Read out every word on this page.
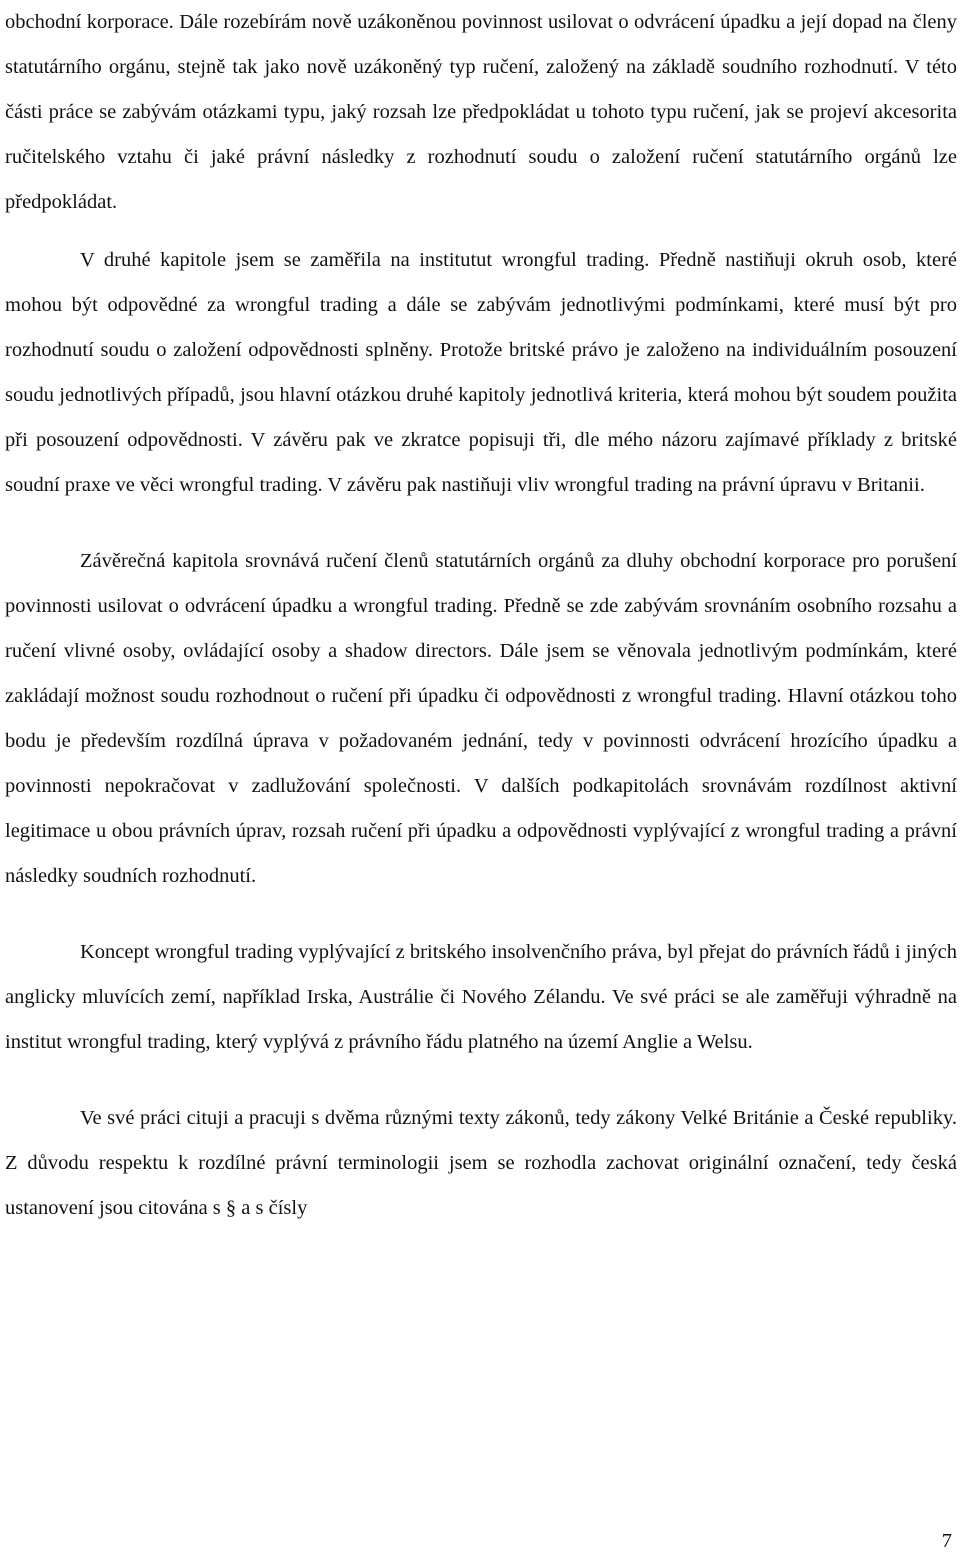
obchodní korporace. Dále rozebírám nově uzákoněnou povinnost usilovat o odvrácení úpadku a její dopad na členy statutárního orgánu, stejně tak jako nově uzákoněný typ ručení, založený na základě soudního rozhodnutí. V této části práce se zabývám otázkami typu, jaký rozsah lze předpokládat u tohoto typu ručení, jak se projeví akcesorita ručitelského vztahu či jaké právní následky z rozhodnutí soudu o založení ručení statutárního orgánů lze předpokládat.

V druhé kapitole jsem se zaměřila na institutut wrongful trading. Předně nastiňuji okruh osob, které mohou být odpovědné za wrongful trading a dále se zabývám jednotlivými podmínkami, které musí být pro rozhodnutí soudu o založení odpovědnosti splněny. Protože britské právo je založeno na individuálním posouzení soudu jednotlivých případů, jsou hlavní otázkou druhé kapitoly jednotlivá kriteria, která mohou být soudem použita při posouzení odpovědnosti. V závěru pak ve zkratce popisuji tři, dle mého názoru zajímavé příklady z britské soudní praxe ve věci wrongful trading. V závěru pak nastiňuji vliv wrongful trading na právní úpravu v Britanii.

Závěrečná kapitola srovnává ručení členů statutárních orgánů za dluhy obchodní korporace pro porušení povinnosti usilovat o odvrácení úpadku a wrongful trading. Předně se zde zabývám srovnáním osobního rozsahu a ručení vlivné osoby, ovládající osoby a shadow directors. Dále jsem se věnovala jednotlivým podmínkám, které zakládají možnost soudu rozhodnout o ručení při úpadku či odpovědnosti z wrongful trading. Hlavní otázkou toho bodu je především rozdílná úprava v požadovaném jednání, tedy v povinnosti odvrácení hrozícího úpadku a povinnosti nepokračovat v zadlužování společnosti. V dalších podkapitolách srovnávám rozdílnost aktivní legitimace u obou právních úprav, rozsah ručení při úpadku a odpovědnosti vyplývající z wrongful trading a právní následky soudních rozhodnutí.

Koncept wrongful trading vyplývající z britského insolvenčního práva, byl přejat do právních řádů i jiných anglicky mluvících zemí, například Irska, Austrálie či Nového Zélandu. Ve své práci se ale zaměřuji výhradně na institut wrongful trading, který vyplývá z právního řádu platného na území Anglie a Welsu.

Ve své práci cituji a pracuji s dvěma různými texty zákonů, tedy zákony Velké Británie a České republiky. Z důvodu respektu k rozdílné právní terminologii jsem se rozhodla zachovat originální označení, tedy česká ustanovení jsou citována s § a s čísly

7
